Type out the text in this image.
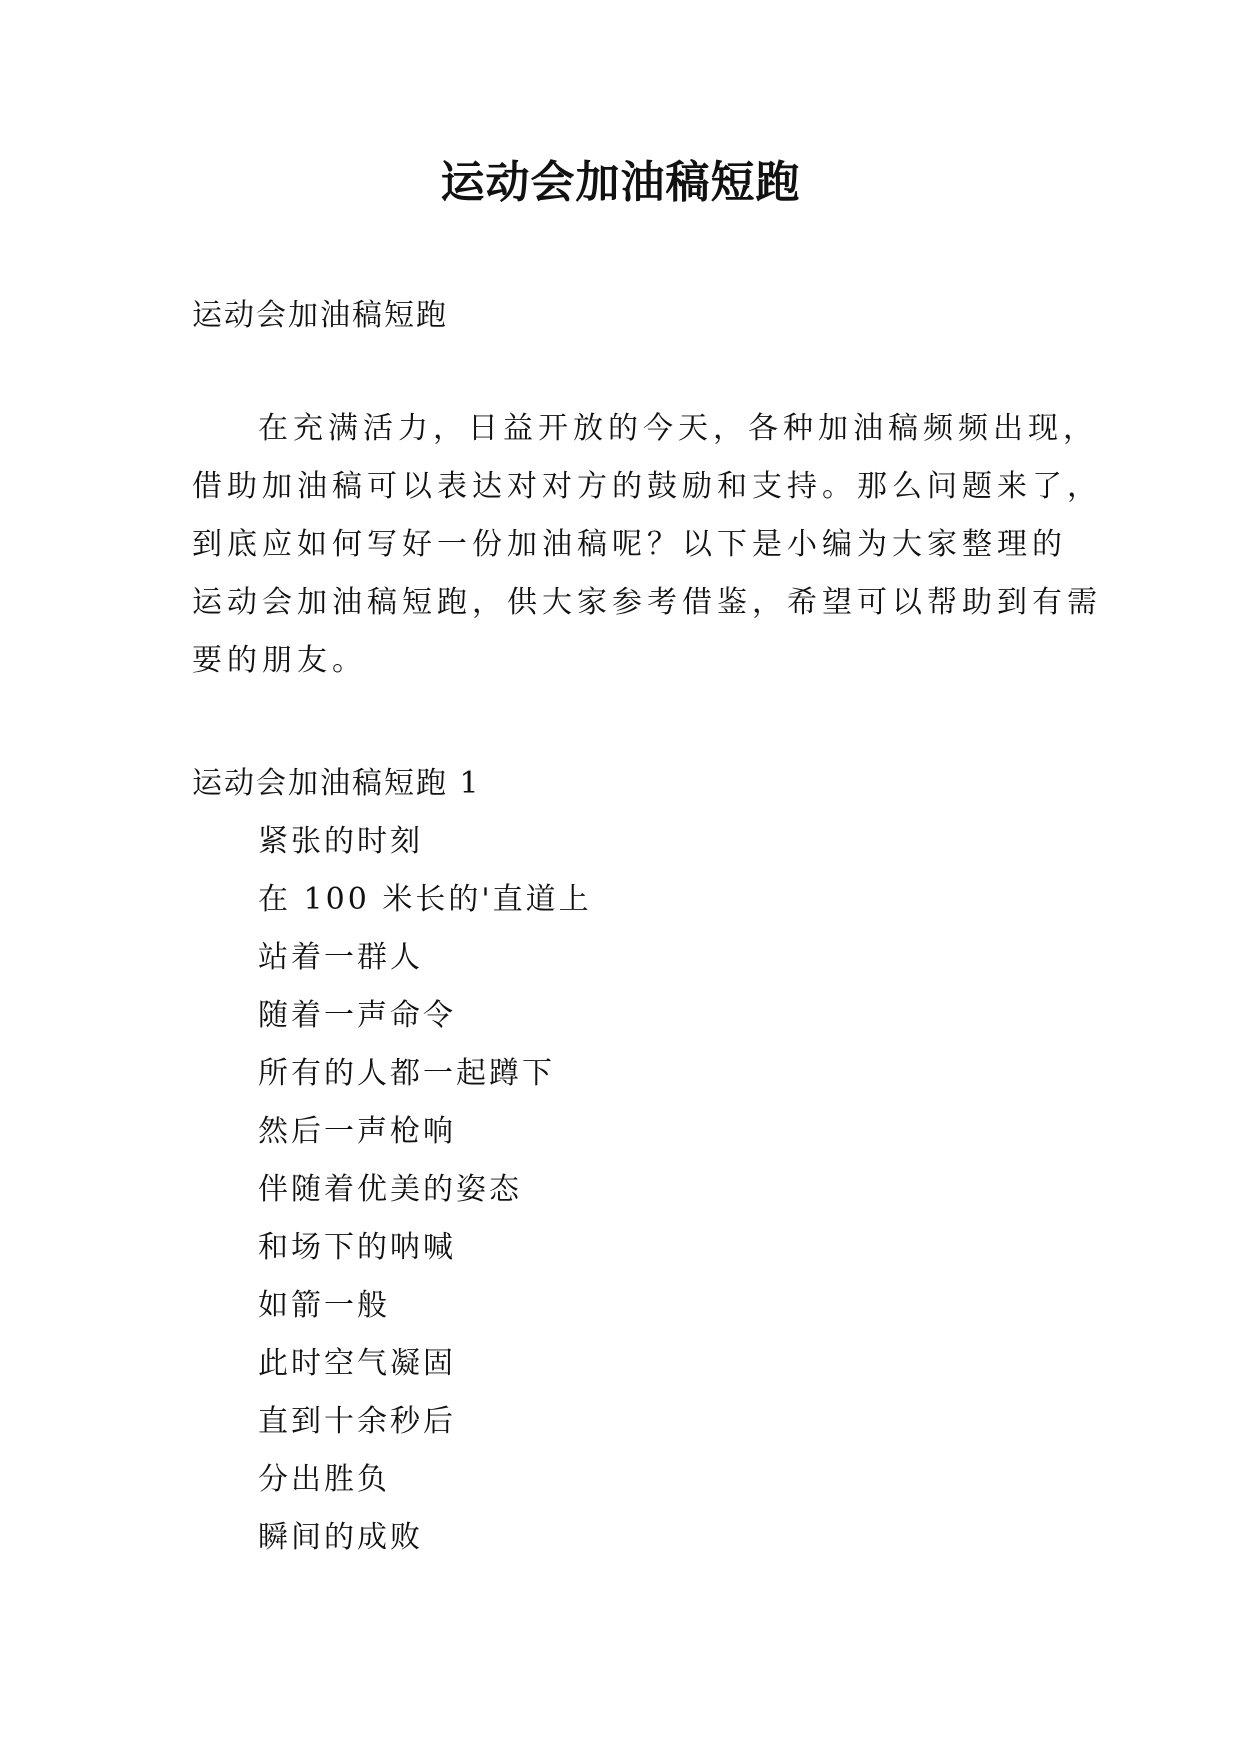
运动会加油稿短跑
运动会加油稿短跑
在充满活力，日益开放的今天，各种加油稿频频出现，
借助加油稿可以表达对对方的鼓励和支持。那么问题来了，
到底应如何写好一份加油稿呢？以下是小编为大家整理的
运动会加油稿短跑，供大家参考借鉴，希望可以帮助到有需
要的朋友。
运动会加油稿短跑 1
紧张的时刻
在 100 米长的'直道上
站着一群人
随着一声命令
所有的人都一起蹲下
然后一声枪响
伴随着优美的姿态
和场下的呐喊
如箭一般
此时空气凝固
直到十余秒后
分出胜负
瞬间的成败
